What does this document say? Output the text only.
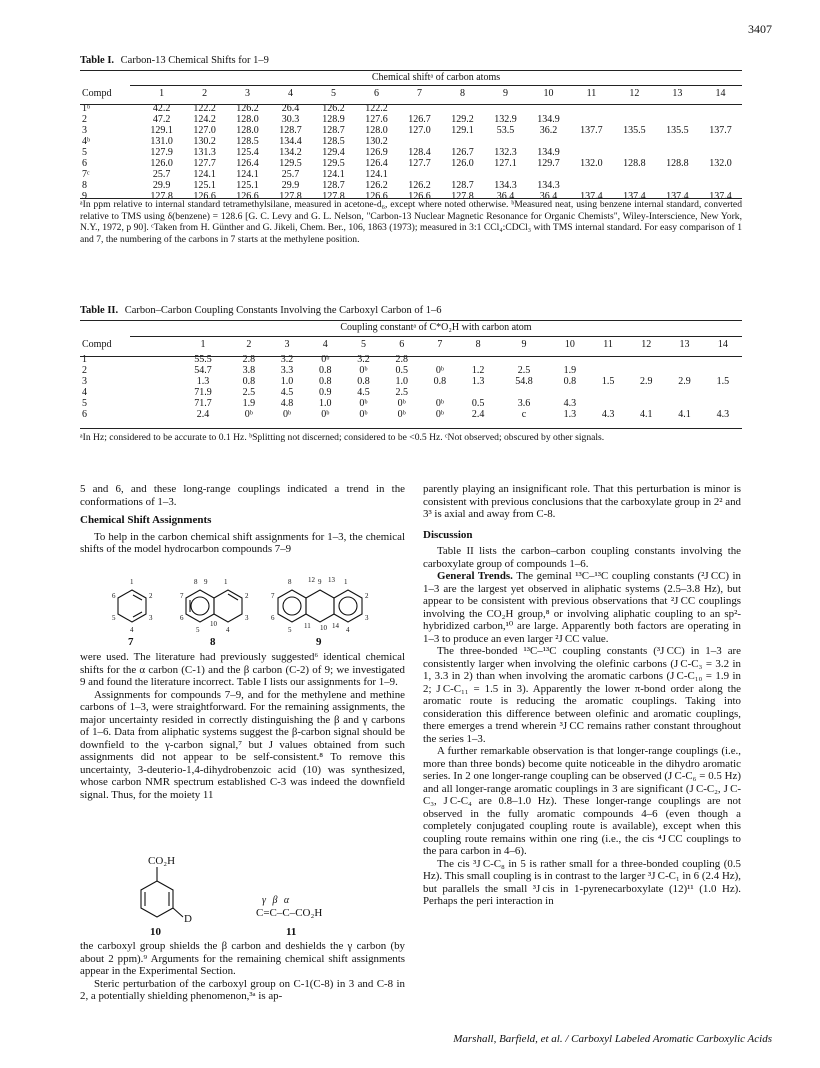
3407
Table I. Carbon-13 Chemical Shifts for 1–9
Chemical shiftᵃ of carbon atoms
Compd	1	2	3	4	5	6	7	8	9	10	11	12	13	14
1ᵇ	42.2	122.2	126.2	26.4	126.2	122.2								
2	47.2	124.2	128.0	30.3	128.9	127.6	126.7	129.2	132.9	134.9				
3	129.1	127.0	128.0	128.7	128.7	128.0	127.0	129.1	53.5	36.2	137.7	135.5	135.5	137.7
4ᵇ	131.0	130.2	128.5	134.4	128.5	130.2								
5	127.9	131.3	125.4	134.2	129.4	126.9	128.4	126.7	132.3	134.9				
6	126.0	127.7	126.4	129.5	129.5	126.4	127.7	126.0	127.1	129.7	132.0	128.8	128.8	132.0
7ᶜ	25.7	124.1	124.1	25.7	124.1	124.1								
8	29.9	125.1	125.1	29.9	128.7	126.2	126.2	128.7	134.3	134.3				
9	127.8	126.6	126.6	127.8	127.8	126.6	126.6	127.8	36.4	36.4	137.4	137.4	137.4	137.4
ᵃIn ppm relative to internal standard tetramethylsilane, measured in acetone-d₆, except where noted otherwise. ᵇMeasured neat, using benzene internal standard, converted relative to TMS using δ(benzene) = 128.6 [G. C. Levy and G. L. Nelson, "Carbon-13 Nuclear Magnetic Resonance for Organic Chemists", Wiley-Interscience, New York, N.Y., 1972, p 90]. ᶜTaken from H. Günther and G. Jikeli, Chem. Ber., 106, 1863 (1973); measured in 3:1 CCl₄:CDCl₃ with TMS internal standard. For easy comparison of 1 and 7, the numbering of the carbons in 7 starts at the methylene position.
Table II. Carbon–Carbon Coupling Constants Involving the Carboxyl Carbon of 1–6
Coupling constantᵃ of C*O₂H with carbon atom
Compd	1	2	3	4	5	6	7	8	9	10	11	12	13	14
1	55.5	2.8	3.2	0ᵇ	3.2	2.8								
2	54.7	3.8	3.3	0.8	0ᵇ	0.5	0ᵇ	1.2	2.5	1.9				
3	1.3	0.8	1.0	0.8	0.8	1.0	0.8	1.3	54.8	0.8	1.5	2.9	2.9	1.5
4	71.9	2.5	4.5	0.9	4.5	2.5								
5	71.7	1.9	4.8	1.0	0ᵇ	0ᵇ	0ᵇ	0.5	3.6	4.3				
6	2.4	0ᵇ	0ᵇ	0ᵇ	0ᵇ	0ᵇ	0ᵇ	2.4	c	1.3	4.3	4.1	4.1	4.3
ᵃIn Hz; considered to be accurate to 0.1 Hz. ᵇSplitting not discerned; considered to be <0.5 Hz. ᶜNot observed; obscured by other signals.

5 and 6, and these long-range couplings indicated a trend in the conformations of 1–3.

Chemical Shift Assignments

To help in the carbon chemical shift assignments for 1–3, the chemical shifts of the model hydrocarbon compounds 7–9

1
6	2
5	3
4
8 9 1
7	2
6	3
5
10
4
8 12 9 13 1
7	2
6	3
5 11 10 14 4
7	8	9

were used. The literature had previously suggested⁶ identical chemical shifts for the α carbon (C-1) and the β carbon (C-2) of 9; we investigated 9 and found the literature incorrect. Table I lists our assignments for 1–9.

Assignments for compounds 7–9, and for the methylene and methine carbons of 1–3, were straightforward. For the remaining assignments, the major uncertainty resided in correctly distinguishing the β and γ carbons of 1–6. Data from aliphatic systems suggest the β-carbon signal should be downfield to the γ-carbon signal,⁷ but J values obtained from such assignments did not appear to be self-consistent.⁸ To remove this uncertainty, 3-deuterio-1,4-dihydrobenzoic acid (10) was synthesized, whose carbon NMR spectrum established C-3 was indeed the downfield signal. Thus, for the moiety 11

CO₂H
D
γ β α
C=C–C–CO₂H
10	11

the carboxyl group shields the β carbon and deshields the γ carbon (by about 2 ppm).⁹ Arguments for the remaining chemical shift assignments appear in the Experimental Section.

Steric perturbation of the carboxyl group on C-1(C-8) in 3 and C-8 in 2, a potentially shielding phenomenon,³ᵃ is ap-

parently playing an insignificant role. That this perturbation is minor is consistent with previous conclusions that the carboxylate group in 2² and 3³ is axial and away from C-8.

Discussion

Table II lists the carbon–carbon coupling constants involving the carboxylate group of compounds 1–6.

General Trends. The geminal ¹³C–¹³C coupling constants (²J CC) in 1–3 are the largest yet observed in aliphatic systems (2.5–3.8 Hz), but appear to be consistent with previous observations that ²J CC couplings involving the CO₂H group,⁸ or involving aliphatic coupling to an sp²-hybridized carbon,¹⁰ are large. Apparently both factors are operating in 1–3 to produce an even larger ²J CC value.

The three-bonded ¹³C–¹³C coupling constants (³J CC) in 1–3 are consistently larger when involving the olefinic carbons (J C-C₃ = 3.2 in 1, 3.3 in 2) than when involving the aromatic carbons (J C-C₁₀ = 1.9 in 2; J C-C₁₁ = 1.5 in 3). Apparently the lower π-bond order along the aromatic route is reducing the aromatic couplings. Taking into consideration this difference between olefinic and aromatic couplings, there emerges a trend wherein ³J CC remains rather constant throughout the series 1–3.

A further remarkable observation is that longer-range couplings (i.e., more than three bonds) become quite noticeable in the dihydro aromatic series. In 2 one longer-range coupling can be observed (J C-C₆ = 0.5 Hz) and all longer-range aromatic couplings in 3 are significant (J C-C₂, J C-C₃, J C-C₄ are 0.8–1.0 Hz). These longer-range couplings are not observed in the fully aromatic compounds 4–6 (even though a completely conjugated coupling route is available), except when this coupling route remains within one ring (i.e., the cis ⁴J CC couplings to the para carbon in 4–6).

The cis ³J C-C₈ in 5 is rather small for a three-bonded coupling (0.5 Hz). This small coupling is in contrast to the larger ³J C-C₁ in 6 (2.4 Hz), but parallels the small ³J cis in 1-pyrenecarboxylate (12)¹¹ (1.0 Hz). Perhaps the peri interaction in

Marshall, Barfield, et al. / Carboxyl Labeled Aromatic Carboxylic Acids
